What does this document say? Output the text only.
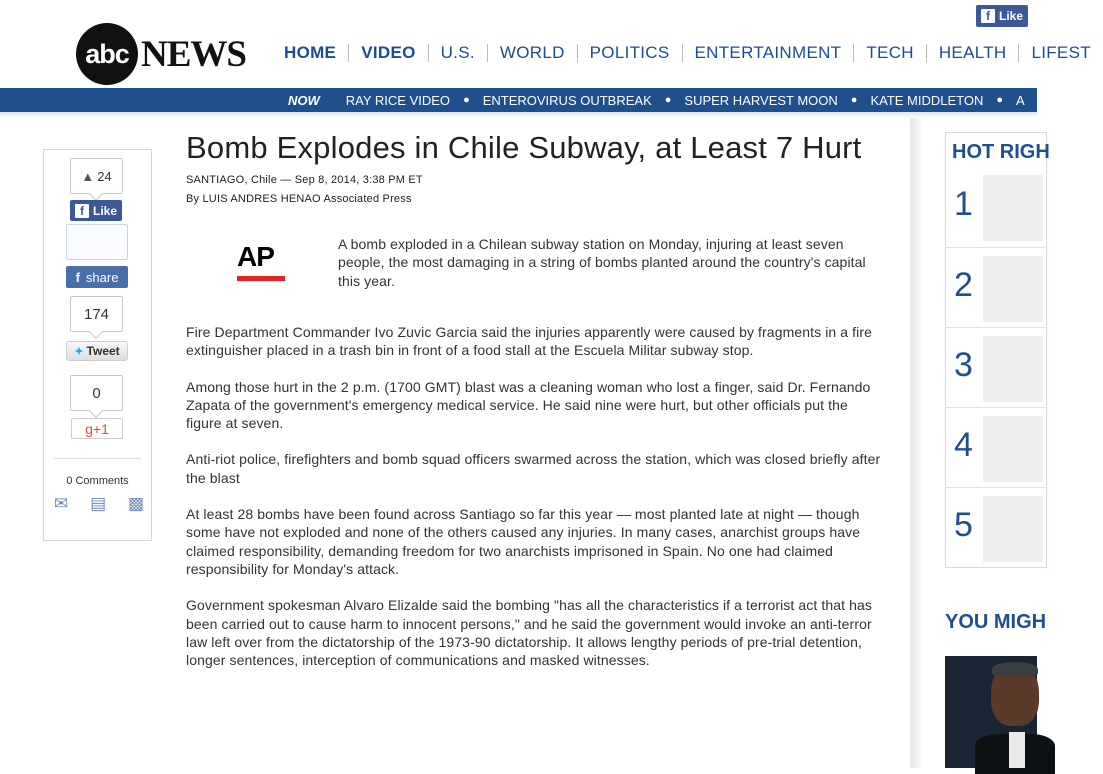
abc NEWS	HOME	VIDEO	U.S.	WORLD	POLITICS	ENTERTAINMENT	TECH	HEALTH	LIFEST
f Like
NOW RAY RICE VIDEO ● ENTEROVIRUS OUTBREAK ● SUPER HARVEST MOON ● KATE MIDDLETON ● A
▲ 24
f Like
f share
174
✦ Tweet
0
g+1
0 Comments
✉ ▤ ▩
Bomb Explodes in Chile Subway, at Least 7 Hurt
SANTIAGO, Chile — Sep 8, 2014, 3:38 PM ET
By LUIS ANDRES HENAO Associated Press
AP	A bomb exploded in a Chilean subway station on Monday, injuring at least seven people, the most damaging in a string of bombs planted around the country's capital this year.

Fire Department Commander Ivo Zuvic Garcia said the injuries apparently were caused by fragments in a fire extinguisher placed in a trash bin in front of a food stall at the Escuela Militar subway stop.

Among those hurt in the 2 p.m. (1700 GMT) blast was a cleaning woman who lost a finger, said Dr. Fernando Zapata of the government's emergency medical service. He said nine were hurt, but other officials put the figure at seven.

Anti-riot police, firefighters and bomb squad officers swarmed across the station, which was closed briefly after the blast

At least 28 bombs have been found across Santiago so far this year — most planted late at night — though some have not exploded and none of the others caused any injuries. In many cases, anarchist groups have claimed responsibility, demanding freedom for two anarchists imprisoned in Spain. No one had claimed responsibility for Monday's attack.

Government spokesman Alvaro Elizalde said the bombing "has all the characteristics if a terrorist act that has been carried out to cause harm to innocent persons," and he said the government would invoke an anti-terror law left over from the dictatorship of the 1973-90 dictatorship. It allows lengthy periods of pre-trial detention, longer sentences, interception of communications and masked witnesses.

HOT RIGH
1
2
3
4
5
YOU MIGH
